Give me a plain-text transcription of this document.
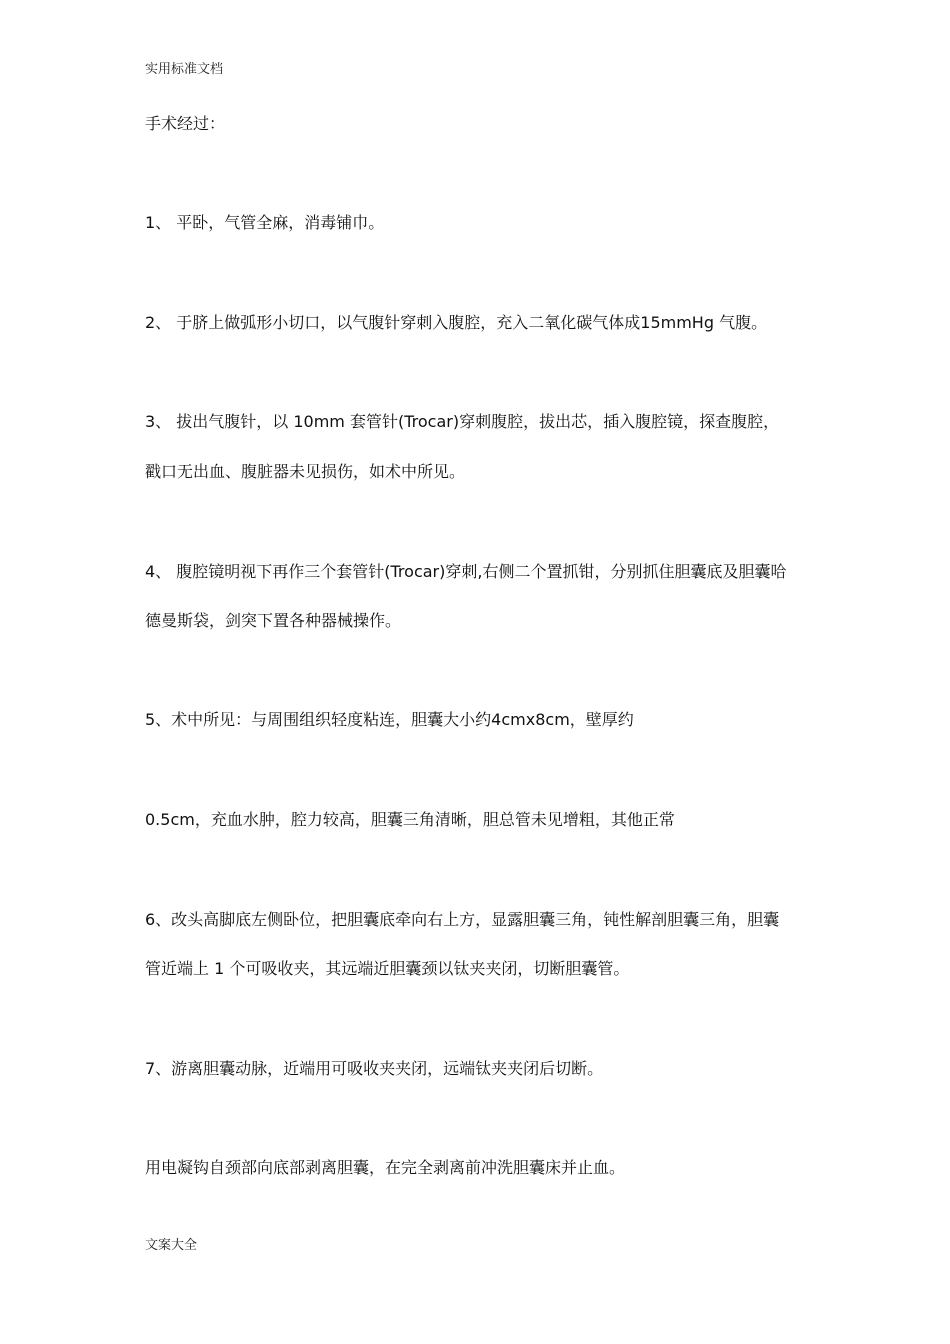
实用标准文档
手术经过：
1、 平卧，气管全麻，消毒铺巾。
2、 于脐上做弧形小切口，以气腹针穿刺入腹腔，充入二氧化碳气体成15mmHg 气腹。
3、 拔出气腹针，以 10mm 套管针(Trocar)穿刺腹腔，拔出芯，插入腹腔镜，探查腹腔，
戳口无出血、腹脏器未见损伤，如术中所见。
4、 腹腔镜明视下再作三个套管针(Trocar)穿刺,右侧二个置抓钳，分别抓住胆囊底及胆囊哈
德曼斯袋，剑突下置各种器械操作。
5、术中所见：与周围组织轻度粘连，胆囊大小约4cmx8cm，壁厚约
0.5cm，充血水肿，腔力较高，胆囊三角清晰，胆总管未见增粗，其他正常
6、改头高脚底左侧卧位，把胆囊底牵向右上方，显露胆囊三角，钝性解剖胆囊三角，胆囊
管近端上 1 个可吸收夹，其远端近胆囊颈以钛夹夹闭，切断胆囊管。
7、游离胆囊动脉，近端用可吸收夹夹闭，远端钛夹夹闭后切断。
用电凝钩自颈部向底部剥离胆囊，在完全剥离前冲洗胆囊床并止血。
文案大全
